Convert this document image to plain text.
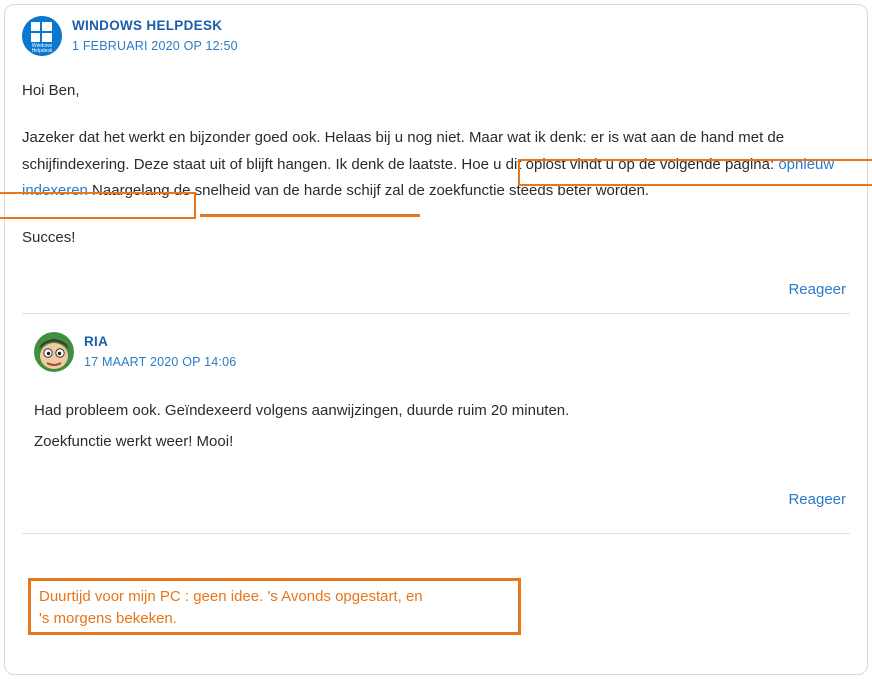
Windows
Helpdesk
WINDOWS HELPDESK
1 FEBRUARI 2020 OP 12:50

Hoi Ben,

Jazeker dat het werkt en bijzonder goed ook. Helaas bij u nog niet. Maar wat ik denk: er is wat aan de hand met de schijfindexering. Deze staat uit of blijft hangen. Ik denk de laatste. Hoe u dit oplost vindt u op de volgende pagina: opnieuw indexeren Naargelang de snelheid van de harde schijf zal de zoekfunctie steeds beter worden.

Succes!

Reageer
RIA
17 MAART 2020 OP 14:06

Had probleem ook. Geïndexeerd volgens aanwijzingen, duurde ruim 20 minuten.

Zoekfunctie werkt weer! Mooi!

Reageer
Duurtijd voor mijn PC : geen idee. 's Avonds opgestart, en
's morgens bekeken.
